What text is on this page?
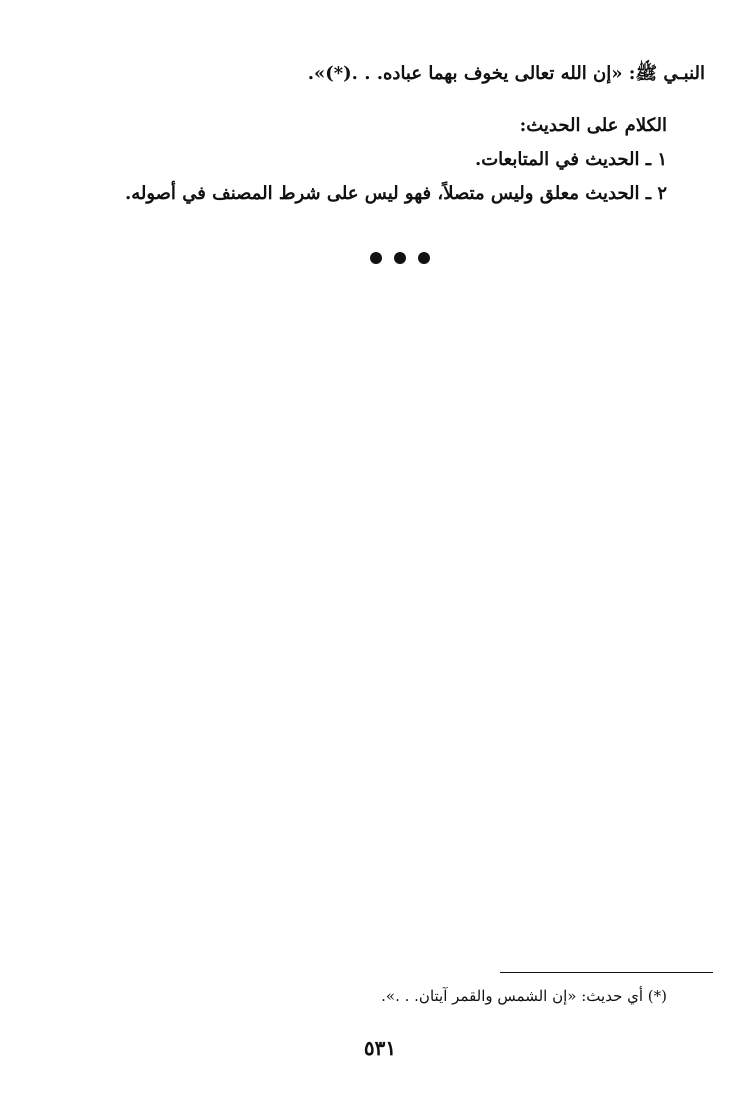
النبـي ﷺ: «إن الله تعالى يخوف بهما عباده. . .(*)».
الكلام على الحديث:
١ ـ الحديث في المتابعات.
٢ ـ الحديث معلق وليس متصلاً، فهو ليس على شرط المصنف في أصوله.
(*) أي حديث: «إن الشمس والقمر آيتان. . .».
٥٣١
